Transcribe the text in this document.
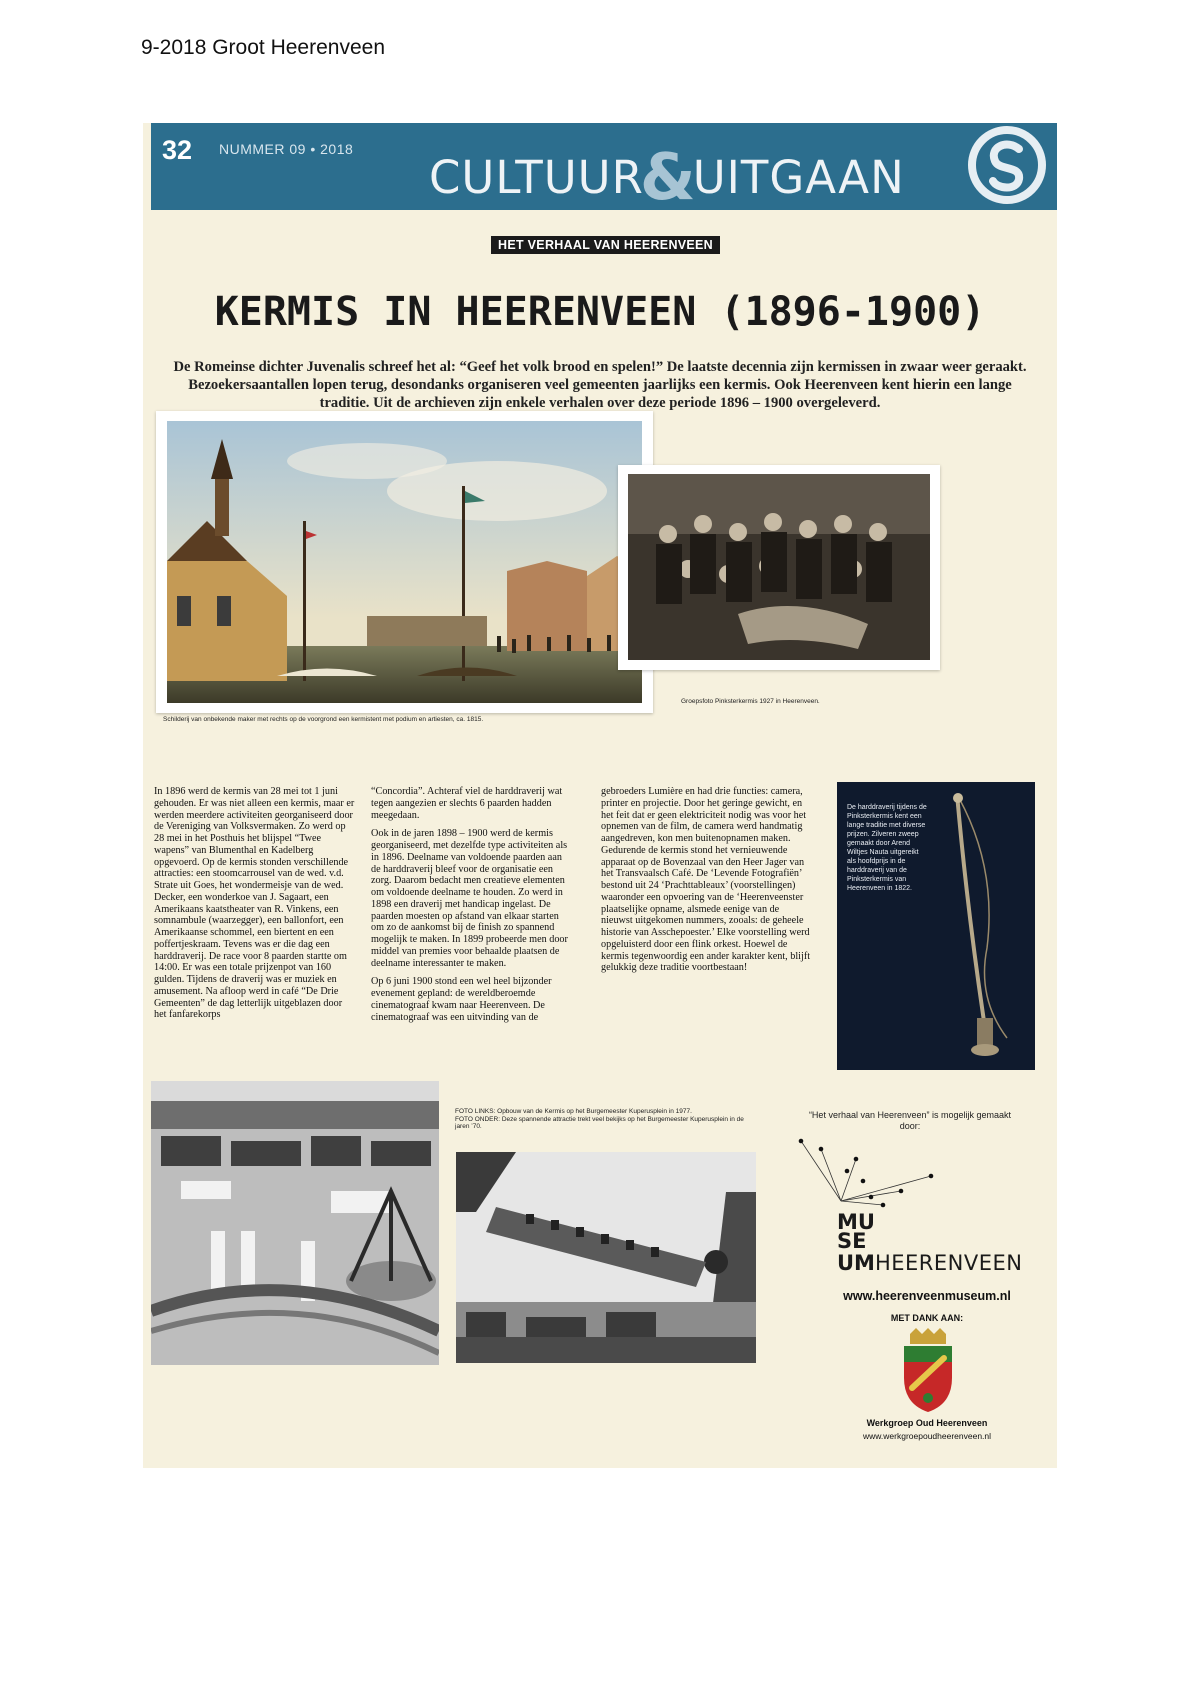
9-2018 Groot Heerenveen
32 NUMMER 09 • 2018
CULTUUR&UITGAAN
HET VERHAAL VAN HEERENVEEN
KERMIS IN HEERENVEEN (1896-1900)
De Romeinse dichter Juvenalis schreef het al: “Geef het volk brood en spelen!” De laatste decennia zijn kermissen in zwaar weer geraakt. Bezoekersaantallen lopen terug, desondanks organiseren veel gemeenten jaarlijks een kermis. Ook Heerenveen kent hierin een lange traditie. Uit de archieven zijn enkele verhalen over deze periode 1896 – 1900 overgeleverd.
Schilderij van onbekende maker met rechts op de voorgrond een kermistent met podium en artiesten, ca. 1815.
Groepsfoto Pinksterkermis 1927 in Heerenveen.

In 1896 werd de kermis van 28 mei tot 1 juni gehouden. Er was niet alleen een kermis, maar er werden meerdere activiteiten georganiseerd door de Vereniging van Volksvermaken. Zo werd op 28 mei in het Posthuis het blijspel “Twee wapens” van Blumenthal en Kadelberg opgevoerd. Op de kermis stonden verschillende attracties: een stoomcarrousel van de wed. v.d. Strate uit Goes, het wondermeisje van de wed. Decker, een wonderkoe van J. Sagaart, een Amerikaans kaatstheater van R. Vinkens, een somnambule (waarzegger), een ballonfort, een Amerikaanse schommel, een biertent en een poffertjeskraam. Tevens was er die dag een harddraverij. De race voor 8 paarden startte om 14:00. Er was een totale prijzenpot van 160 gulden. Tijdens de draverij was er muziek en amusement. Na afloop werd in café “De Drie Gemeenten” de dag letterlijk uitgeblazen door het fanfarekorps

“Concordia”. Achteraf viel de harddraverij wat tegen aangezien er slechts 6 paarden hadden meegedaan.

Ook in de jaren 1898 – 1900 werd de kermis georganiseerd, met dezelfde type activiteiten als in 1896. Deelname van voldoende paarden aan de harddraverij bleef voor de organisatie een zorg. Daarom bedacht men creatieve elementen om voldoende deelname te houden. Zo werd in 1898 een draverij met handicap ingelast. De paarden moesten op afstand van elkaar starten om zo de aankomst bij de finish zo spannend mogelijk te maken. In 1899 probeerde men door middel van premies voor behaalde plaatsen de deelname interessanter te maken.

Op 6 juni 1900 stond een wel heel bijzonder evenement gepland: de wereldberoemde cinematograaf kwam naar Heerenveen. De cinematograaf was een uitvinding van de

gebroeders Lumière en had drie functies: camera, printer en projectie. Door het geringe gewicht, en het feit dat er geen elektriciteit nodig was voor het opnemen van de film, de camera werd handmatig aangedreven, kon men buitenopnamen maken. Gedurende de kermis stond het vernieuwende apparaat op de Bovenzaal van den Heer Jager van het Transvaalsch Café. De ‘Levende Fotografiën’ bestond uit 24 ‘Prachttableaux’ (voorstellingen) waaronder een opvoering van de ‘Heerenveenster plaatselijke opname, alsmede eenige van de nieuwst uitgekomen nummers, zooals: de geheele historie van Asschepoester.’ Elke voorstelling werd opgeluisterd door een flink orkest. Hoewel de kermis tegenwoordig een ander karakter kent, blijft gelukkig deze traditie voortbestaan!

De harddraverij tijdens de Pinksterkermis kent een lange traditie met diverse prijzen. Zilveren zweep gemaakt door Arend Wiltjes Nauta uitgereikt als hoofdprijs in de harddraverij van de Pinksterkermis van Heerenveen in 1822.
FOTO LINKS: Opbouw van de Kermis op het Burgemeester Kuperusplein in 1977.
FOTO ONDER: Deze spannende attractie trekt veel bekijks op het Burgemeester Kuperusplein in de jaren ’70.
“Het verhaal van Heerenveen” is mogelijk gemaakt door:
MU
SE
UMHEERENVEEN
www.heerenveenmuseum.nl
MET DANK AAN:
Werkgroep Oud Heerenveen
www.werkgroepoudheerenveen.nl
